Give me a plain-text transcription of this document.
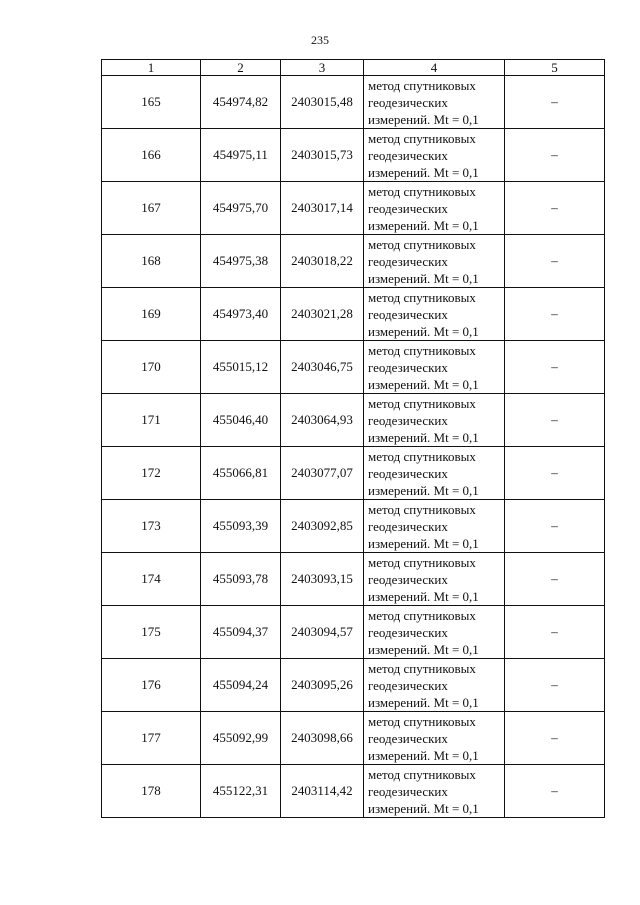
235
1	2	3	4	5
165	454974,82	2403015,48	метод спутниковых
геодезических
измерений. Mt = 0,1	–
166	454975,11	2403015,73	метод спутниковых
геодезических
измерений. Mt = 0,1	–
167	454975,70	2403017,14	метод спутниковых
геодезических
измерений. Mt = 0,1	–
168	454975,38	2403018,22	метод спутниковых
геодезических
измерений. Mt = 0,1	–
169	454973,40	2403021,28	метод спутниковых
геодезических
измерений. Mt = 0,1	–
170	455015,12	2403046,75	метод спутниковых
геодезических
измерений. Mt = 0,1	–
171	455046,40	2403064,93	метод спутниковых
геодезических
измерений. Mt = 0,1	–
172	455066,81	2403077,07	метод спутниковых
геодезических
измерений. Mt = 0,1	–
173	455093,39	2403092,85	метод спутниковых
геодезических
измерений. Mt = 0,1	–
174	455093,78	2403093,15	метод спутниковых
геодезических
измерений. Mt = 0,1	–
175	455094,37	2403094,57	метод спутниковых
геодезических
измерений. Mt = 0,1	–
176	455094,24	2403095,26	метод спутниковых
геодезических
измерений. Mt = 0,1	–
177	455092,99	2403098,66	метод спутниковых
геодезических
измерений. Mt = 0,1	–
178	455122,31	2403114,42	метод спутниковых
геодезических
измерений. Mt = 0,1	–
